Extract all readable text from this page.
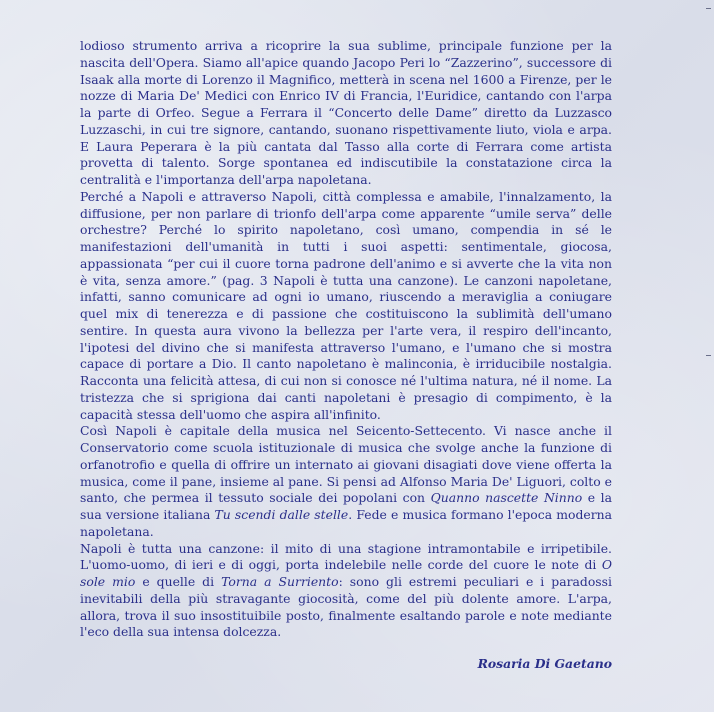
lodioso strumento arriva a ricoprire la sua sublime, principale funzione per la nascita dell'Opera. Siamo all'apice quando Jacopo Peri lo “Zazzerino”, successore di Isaak alla morte di Lorenzo il Magnifico, metterà in scena nel 1600 a Firenze, per le nozze di Maria De' Medici con Enrico IV di Francia, l'Euridice, cantando con l'arpa la parte di Orfeo. Segue a Ferrara il “Concerto delle Dame” diretto da Luzzasco Luzzaschi, in cui tre signore, cantando, suonano rispettivamente liuto, viola e arpa. E Laura Peperara è la più cantata dal Tasso alla corte di Ferrara come artista provetta di talento. Sorge spontanea ed indiscutibile la constatazione circa la centralità e l'importanza dell'arpa napoletana.

Perché a Napoli e attraverso Napoli, città complessa e amabile, l'innalzamento, la diffusione, per non parlare di trionfo dell'arpa come apparente “umile serva” delle orchestre? Perché lo spirito napoletano, così umano, compendia in sé le manifestazioni dell'umanità in tutti i suoi aspetti: sentimentale, giocosa, appassionata “per cui il cuore torna padrone dell'animo e si avverte che la vita non è vita, senza amore.” (pag. 3 Napoli è tutta una canzone). Le canzoni napoletane, infatti, sanno comunicare ad ogni io umano, riuscendo a meraviglia a coniugare quel mix di tenerezza e di passione che costituiscono la sublimità dell'umano sentire. In questa aura vivono la bellezza per l'arte vera, il respiro dell'incanto, l'ipotesi del divino che si manifesta attraverso l'umano, e l'umano che si mostra capace di portare a Dio. Il canto napoletano è malinconia, è irriducibile nostalgia. Racconta una felicità attesa, di cui non si conosce né l'ultima natura, né il nome. La tristezza che si sprigiona dai canti napoletani è presagio di compimento, è la capacità stessa dell'uomo che aspira all'infinito.

Così Napoli è capitale della musica nel Seicento-Settecento. Vi nasce anche il Conservatorio come scuola istituzionale di musica che svolge anche la funzione di orfanotrofio e quella di offrire un internato ai giovani disagiati dove viene offerta la musica, come il pane, insieme al pane. Si pensi ad Alfonso Maria De' Liguori, colto e santo, che permea il tessuto sociale dei popolani con Quanno nascette Ninno e la sua versione italiana Tu scendi dalle stelle. Fede e musica formano l'epoca moderna napoletana.

Napoli è tutta una canzone: il mito di una stagione intramontabile e irripetibile. L'uomo-uomo, di ieri e di oggi, porta indelebile nelle corde del cuore le note di O sole mio e quelle di Torna a Surriento: sono gli estremi peculiari e i paradossi inevitabili della più stravagante giocosità, come del più dolente amore. L'arpa, allora, trova il suo insostituibile posto, finalmente esaltando parole e note mediante l'eco della sua intensa dolcezza.

Rosaria Di Gaetano
